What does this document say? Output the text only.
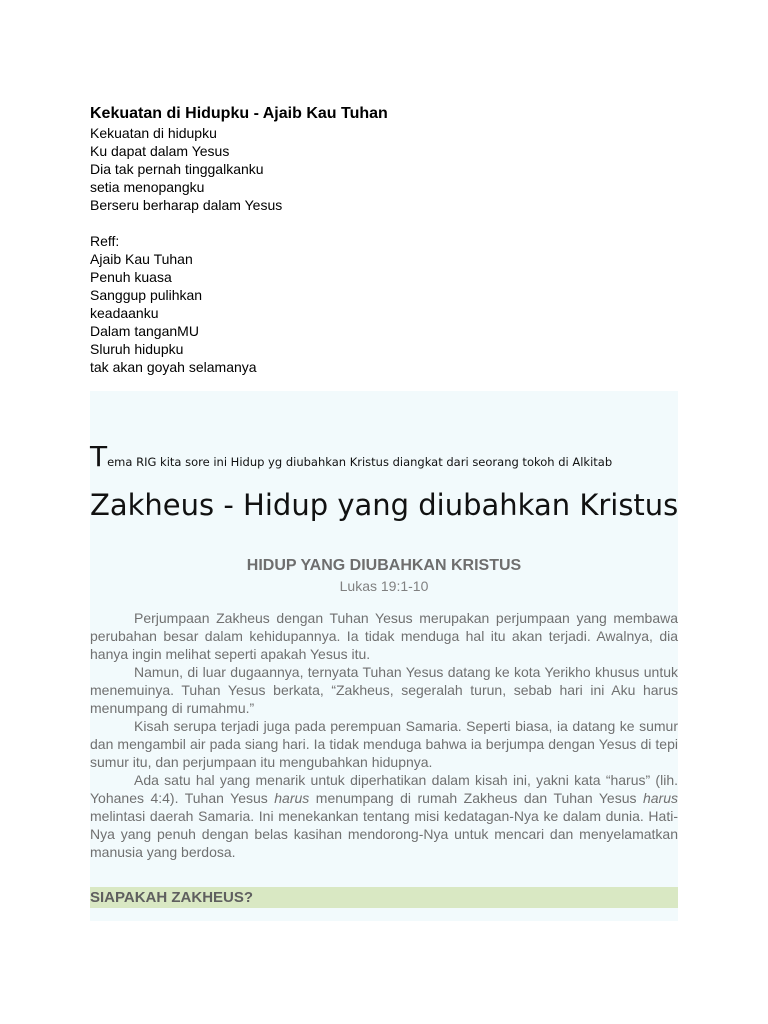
Kekuatan di Hidupku - Ajaib Kau Tuhan
Kekuatan di hidupku
Ku dapat dalam Yesus
Dia tak pernah tinggalkanku
setia menopangku
Berseru berharap dalam Yesus
Reff:
Ajaib Kau Tuhan
Penuh kuasa
Sanggup pulihkan
keadaanku
Dalam tanganMU
Sluruh hidupku
tak akan goyah selamanya
Tema RIG kita sore ini Hidup yg diubahkan Kristus diangkat dari seorang tokoh di Alkitab
Zakheus - Hidup yang diubahkan Kristus
HIDUP YANG DIUBAHKAN KRISTUS
Lukas 19:1-10

Perjumpaan Zakheus dengan Tuhan Yesus merupakan perjumpaan yang membawa perubahan besar dalam kehidupannya. Ia tidak menduga hal itu akan terjadi. Awalnya, dia hanya ingin melihat seperti apakah Yesus itu.

Namun, di luar dugaannya, ternyata Tuhan Yesus datang ke kota Yerikho khusus untuk menemuinya. Tuhan Yesus berkata, “Zakheus, segeralah turun, sebab hari ini Aku harus menumpang di rumahmu.”

Kisah serupa terjadi juga pada perempuan Samaria. Seperti biasa, ia datang ke sumur dan mengambil air pada siang hari. Ia tidak menduga bahwa ia berjumpa dengan Yesus di tepi sumur itu, dan perjumpaan itu mengubahkan hidupnya.

Ada satu hal yang menarik untuk diperhatikan dalam kisah ini, yakni kata “harus” (lih. Yohanes 4:4). Tuhan Yesus harus menumpang di rumah Zakheus dan Tuhan Yesus harus melintasi daerah Samaria. Ini menekankan tentang misi kedatagan-Nya ke dalam dunia. Hati-Nya yang penuh dengan belas kasihan mendorong-Nya untuk mencari dan menyelamatkan manusia yang berdosa.

SIAPAKAH ZAKHEUS?
